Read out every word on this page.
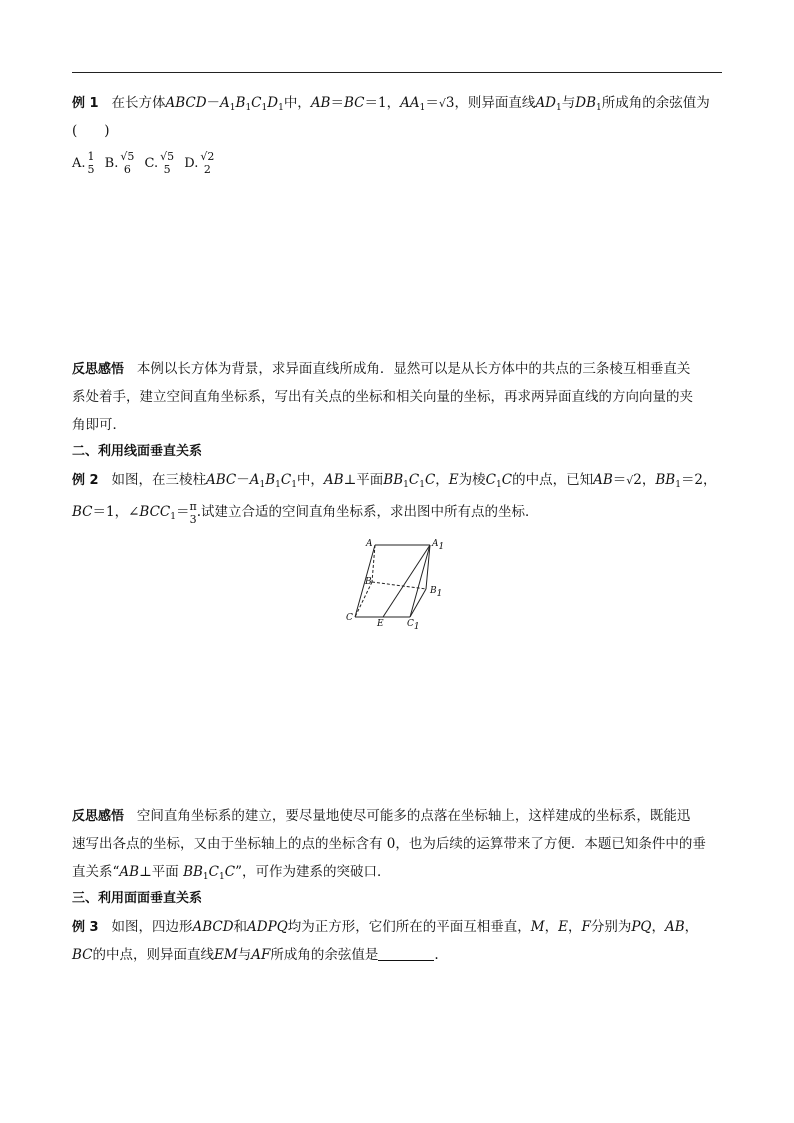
例 1 在长方体$ABCD-A_1B_1C_1D_1$中，AB＝BC＝1，$AA_1=√3$，则异面直线$AD_1$与$DB_1$所成角的余弦值为
(　　)
A. 1
5 B. √5
6 C. √5
5 D. √2
2
反思感悟 本例以长方体为背景，求异面直线所成角．显然可以是从长方体中的共点的三条棱互相垂直关
系处着手，建立空间直角坐标系，写出有关点的坐标和相关向量的坐标，再求两异面直线的方向向量的夹
角即可．
二、利用线面垂直关系
例 2 如图，在三棱柱$ABC-A_1B_1C_1$中，AB⊥平面$BB_1C_1C$，E为棱$C_1C$的中点，已知AB＝√2，$BB_1=2$，
BC＝1，$\angle BCC_1= \pi$
3 .试建立合适的空间直角坐标系，求出图中所有点的坐标．
A	$A_1$
B
$B_1$
C
E	$C_1$
反思感悟 空间直角坐标系的建立，要尽量地使尽可能多的点落在坐标轴上，这样建成的坐标系，既能迅
速写出各点的坐标，又由于坐标轴上的点的坐标含有 0，也为后续的运算带来了方便．本题已知条件中的垂
直关系“AB⊥平面 $BB_1C_1C$”，可作为建系的突破口．
三、利用面面垂直关系
例 3 如图，四边形ABCD和ADPQ均为正方形，它们所在的平面互相垂直，M，E，F分别为PQ，AB，
BC的中点，则异面直线EM与AF所成角的余弦值是	.
